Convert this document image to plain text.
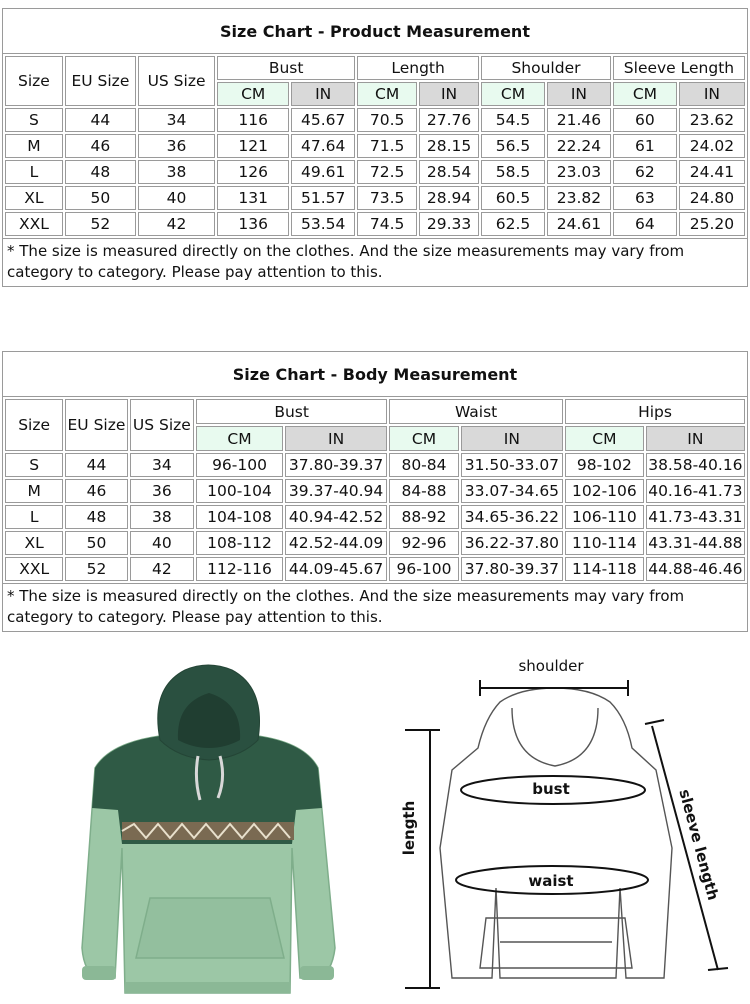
Size Chart - Product Measurement
Size	EU Size	US Size	Bust		Length		Shoulder		Sleeve Length	
			CM	IN	CM	IN	CM	IN	CM	IN
S	44	34	116	45.67	70.5	27.76	54.5	21.46	60	23.62
M	46	36	121	47.64	71.5	28.15	56.5	22.24	61	24.02
L	48	38	126	49.61	72.5	28.54	58.5	23.03	62	24.41
XL	50	40	131	51.57	73.5	28.94	60.5	23.82	63	24.80
XXL	52	42	136	53.54	74.5	29.33	62.5	24.61	64	25.20
* The size is measured directly on the clothes. And the size measurements may vary from category to category. Please pay attention to this.
Size Chart - Body Measurement
Size	EU Size	US Size	Bust		Waist		Hips	
			CM	IN	CM	IN	CM	IN
S	44	34	96-100	37.80-39.37	80-84	31.50-33.07	98-102	38.58-40.16
M	46	36	100-104	39.37-40.94	84-88	33.07-34.65	102-106	40.16-41.73
L	48	38	104-108	40.94-42.52	88-92	34.65-36.22	106-110	41.73-43.31
XL	50	40	108-112	42.52-44.09	92-96	36.22-37.80	110-114	43.31-44.88
XXL	52	42	112-116	44.09-45.67	96-100	37.80-39.37	114-118	44.88-46.46
* The size is measured directly on the clothes. And the size measurements may vary from category to category. Please pay attention to this.
shoulder
bust
waist
length	sleeve length
